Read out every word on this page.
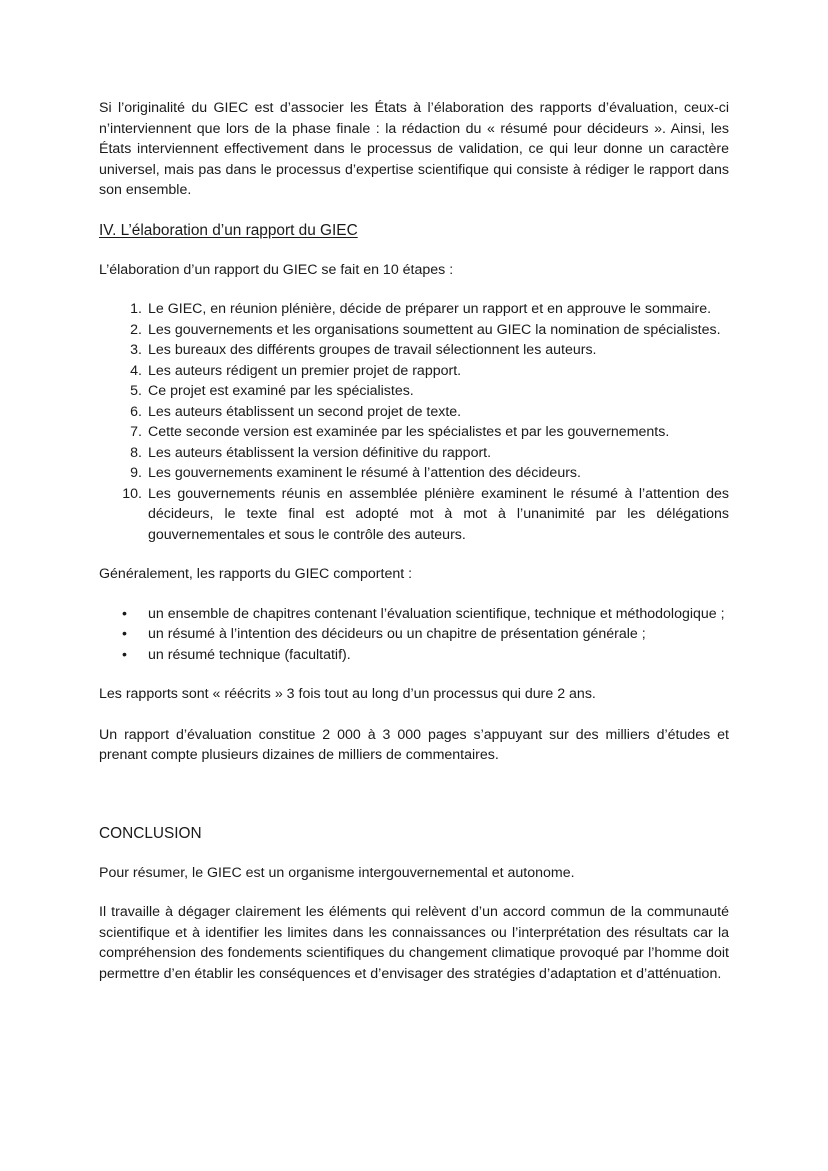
Si l’originalité du GIEC est d’associer les États à l’élaboration des rapports d’évaluation, ceux-ci n’interviennent que lors de la phase finale : la rédaction du « résumé pour décideurs ». Ainsi, les États interviennent effectivement dans le processus de validation, ce qui leur donne un caractère universel, mais pas dans le processus d’expertise scientifique qui consiste à rédiger le rapport dans son ensemble.

IV. L’élaboration d’un rapport du GIEC

L’élaboration d’un rapport du GIEC se fait en 10 étapes :

1. Le GIEC, en réunion plénière, décide de préparer un rapport et en approuve le sommaire.
2. Les gouvernements et les organisations soumettent au GIEC la nomination de spécialistes.
3. Les bureaux des différents groupes de travail sélectionnent les auteurs.
4. Les auteurs rédigent un premier projet de rapport.
5. Ce projet est examiné par les spécialistes.
6. Les auteurs établissent un second projet de texte.
7. Cette seconde version est examinée par les spécialistes et par les gouvernements.
8. Les auteurs établissent la version définitive du rapport.
9. Les gouvernements examinent le résumé à l’attention des décideurs.
10. Les gouvernements réunis en assemblée plénière examinent le résumé à l’attention des décideurs, le texte final est adopté mot à mot à l’unanimité par les délégations gouvernementales et sous le contrôle des auteurs.

Généralement, les rapports du GIEC comportent :

• un ensemble de chapitres contenant l’évaluation scientifique, technique et méthodologique ;
• un résumé à l’intention des décideurs ou un chapitre de présentation générale ;
• un résumé technique (facultatif).

Les rapports sont « réécrits » 3 fois tout au long d’un processus qui dure 2 ans.

Un rapport d’évaluation constitue 2 000 à 3 000 pages s’appuyant sur des milliers d’études et prenant compte plusieurs dizaines de milliers de commentaires.

CONCLUSION

Pour résumer, le GIEC est un organisme intergouvernemental et autonome.

Il travaille à dégager clairement les éléments qui relèvent d’un accord commun de la communauté scientifique et à identifier les limites dans les connaissances ou l’interprétation des résultats car la compréhension des fondements scientifiques du changement climatique provoqué par l’homme doit permettre d’en établir les conséquences et d’envisager des stratégies d’adaptation et d’atténuation.
